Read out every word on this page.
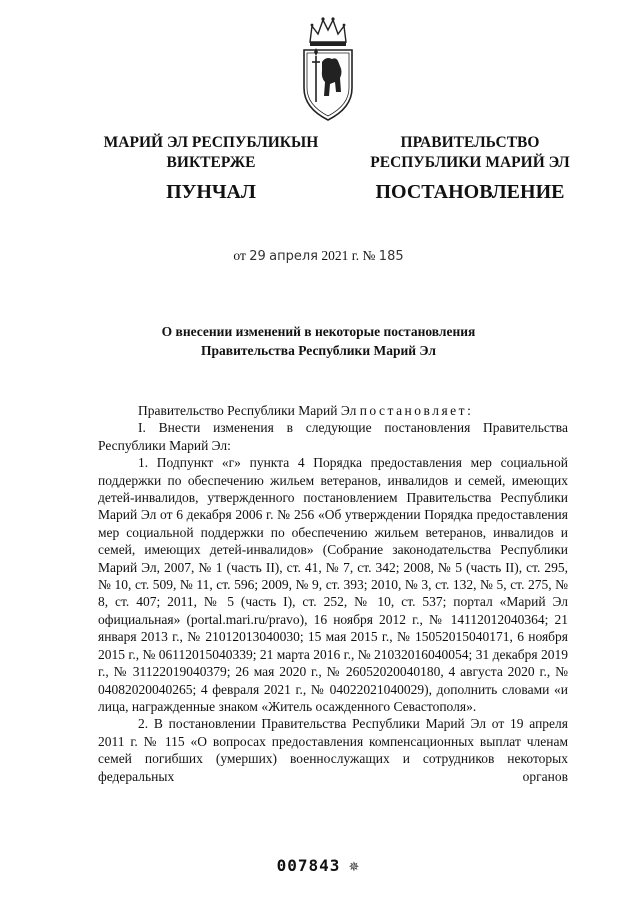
МАРИЙ ЭЛ РЕСПУБЛИКЫН
ВИКТЕРЖЕ
ПУНЧАЛ
ПРАВИТЕЛЬСТВО
РЕСПУБЛИКИ МАРИЙ ЭЛ
ПОСТАНОВЛЕНИЕ
от 29 апреля 2021 г. № 185
О внесении изменений в некоторые постановления
Правительства Республики Марий Эл

Правительство Республики Марий Эл постановляет:

I. Внести изменения в следующие постановления Правительства Республики Марий Эл:

1. Подпункт «г» пункта 4 Порядка предоставления мер социальной поддержки по обеспечению жильем ветеранов, инвалидов и семей, имеющих детей-инвалидов, утвержденного постановлением Правительства Республики Марий Эл от 6 декабря 2006 г. № 256 «Об утверждении Порядка предоставления мер социальной поддержки по обеспечению жильем ветеранов, инвалидов и семей, имеющих детей-инвалидов» (Собрание законодательства Республики Марий Эл, 2007, № 1 (часть II), ст. 41, № 7, ст. 342; 2008, № 5 (часть II), ст. 295, № 10, ст. 509, № 11, ст. 596; 2009, № 9, ст. 393; 2010, № 3, ст. 132, № 5, ст. 275, № 8, ст. 407; 2011, № 5 (часть I), ст. 252, № 10, ст. 537; портал «Марий Эл официальная» (portal.mari.ru/pravo), 16 ноября 2012 г., № 14112012040364; 21 января 2013 г., № 21012013040030; 15 мая 2015 г., № 15052015040171, 6 ноября 2015 г., № 06112015040339; 21 марта 2016 г., № 21032016040054; 31 декабря 2019 г., № 31122019040379; 26 мая 2020 г., № 26052020040180, 4 августа 2020 г., № 04082020040265; 4 февраля 2021 г., № 04022021040029), дополнить словами «и лица, награжденные знаком «Житель осажденного Севастополя».

2. В постановлении Правительства Республики Марий Эл от 19 апреля 2011 г. № 115 «О вопросах предоставления компенсационных выплат членам семей погибших (умерших) военнослужащих и сотрудников некоторых федеральных органов

007843 ✵
